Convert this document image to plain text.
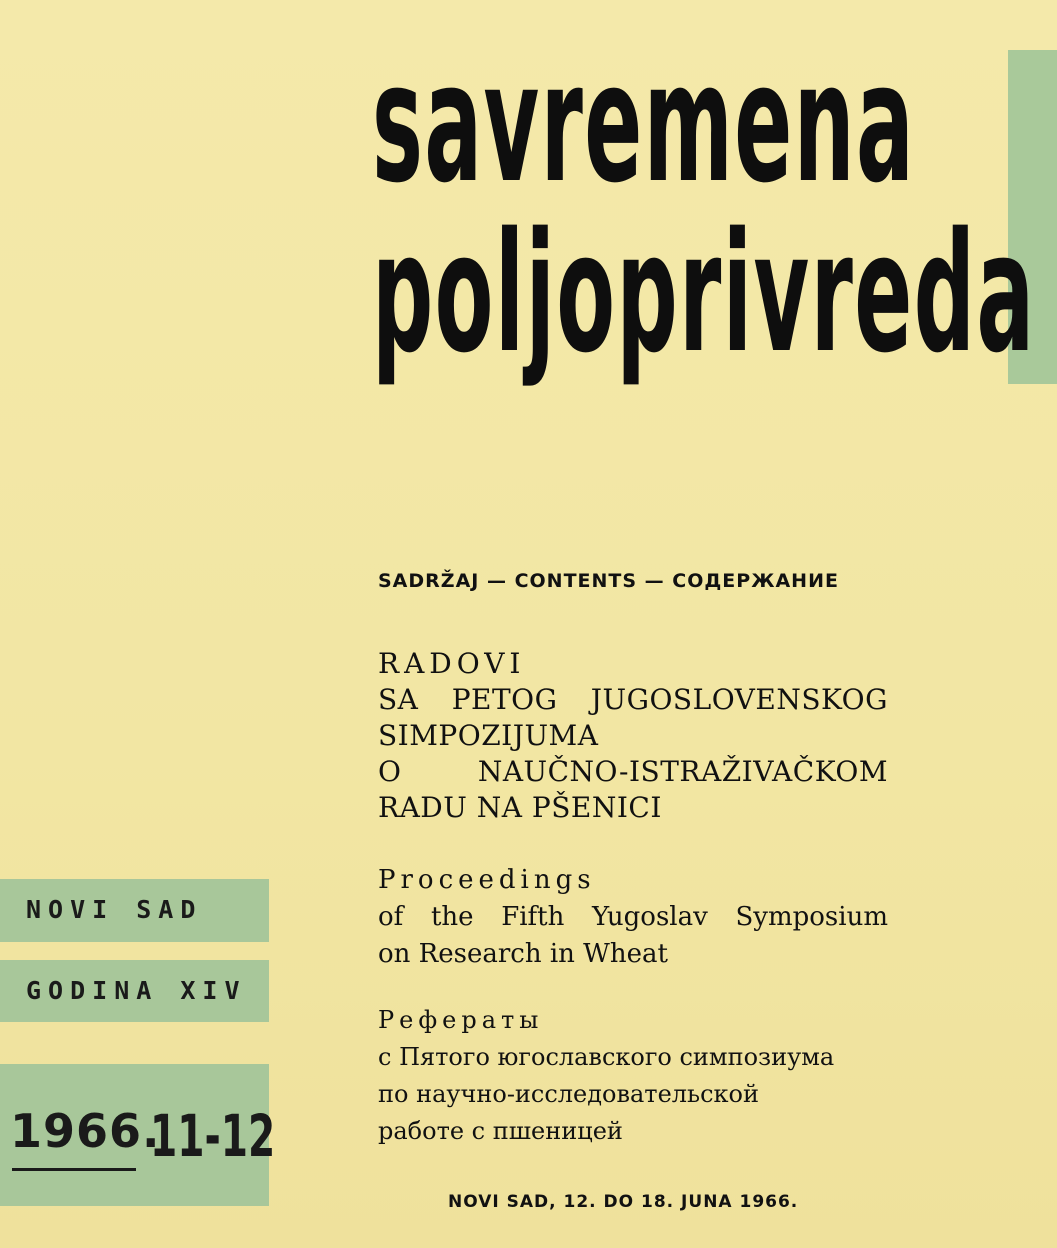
savremena
poljoprivreda
SADRŽAJ — CONTENTS — СОДЕРЖАНИЕ
RADOVI
SA PETOG JUGOSLOVENSKOG
SIMPOZIJUMA
O	NAUČNO-ISTRAŽIVAČKOM
RADU NA PŠENICI
Proceedings
of the Fifth Yugoslav Symposium
on Research in Wheat
Рефераты
с Пятого югославского симпозиума
по научно-исследовательской
работе с пшеницей
NOVI SAD, 12. DO 18. JUNA 1966.
NOVI SAD
GODINA XIV
1966.
11-12
